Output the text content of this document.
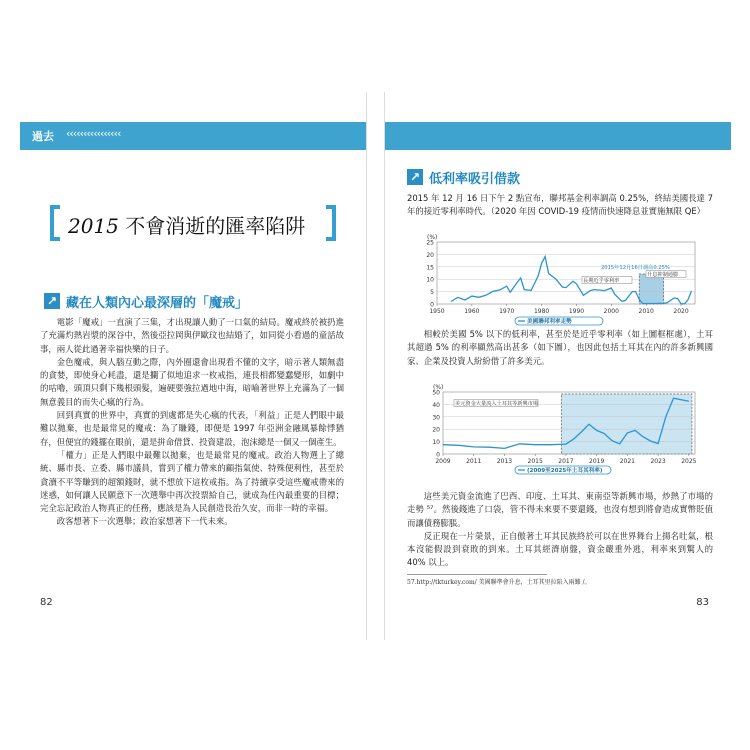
過去 ‹‹‹‹‹‹‹‹‹‹‹‹‹‹‹‹
2015 不會消逝的匯率陷阱
↗ 藏在人類內心最深層的「魔戒」

電影「魔戒」一直演了三集，才出現讓人動了一口氣的結局。魔戒終於被扔進了充滿灼熱岩漿的深谷中，然後亞拉岡與伊歐玟也結婚了，如同從小看過的童話故事，兩人從此過著幸福快樂的日子。

金色魔戒，與人腦互動之際，內外圈還會出現看不懂的文字，暗示著人類無盡的貪婪，即使身心耗盡，還是攔了似地追求一枚戒指，連長相都變蠢變形，如劇中的咕嚕，頭頂只剩下幾根頭髮，遍硬要強拉過地中海，暗喻著世界上充滿為了一個無意義目的而失心瘋的行為。

回到真實的世界中，真實的到處都是失心瘋的代表，「利益」正是人們眼中最難以拋棄，也是最常見的魔戒：為了賺錢，即便是 1997 年亞洲金融風暴餘悸猶存，但便宜的錢擺在眼前，還是拼命借貸、投資建設，泡沫總是一個又一個產生。

「權力」正是人們眼中最難以拋棄，也是最常見的魔戒。政治人物選上了總統、縣市長、立委、縣市議員，嘗到了權力帶來的顧指氣使、特殊便利性，甚至於貪瀆不平等賺到的超額錢財，就不想放下這枚戒指。為了持續享受這些魔戒帶來的迷惑，如何讓人民願意下一次選舉中再次投票給自己，就成為任內最重要的目標；完全忘記政治人物真正的任務，應該是為人民創造長治久安，而非一時的幸福。

政客想著下一次選舉；政治家想著下一代未來。

82
↗ 低利率吸引借款
2015 年 12 月 16 日下午 2 點宣布，聯邦基金利率調高 0.25%，終結美國長達 7 年的接近零利率時代。（2020 年因 COVID-19 疫情而快速降息並實施無限 QE）
0
5
10
15
20
25
1950	1960	1970	1980	1990	2000	2010	2020
(%)
美國聯邦利率走勢
2015年12月16日調高0.25%
長期近乎零利率
升息抑制通膨

相較於美國 5% 以下的低利率，甚至於是近乎零利率（如上圖框框處），土耳其超過 5% 的利率顯然高出甚多（如下圖），也因此包括土耳其在內的許多新興國家、企業及投資人紛紛借了許多美元。

0
10
20
30
40
50
2009	2011	2013	2015	2017	2019	2021	2023	2025
(%)
(2009至2025年土耳其利率)
美元資金大量流入土耳其等新興市場

這些美元資金流進了巴西、印度、土耳其、東南亞等新興市場，炒熱了市場的走勢 ⁵⁷。然後錢進了口袋，管不得未來要不要還錢，也沒有想到將會造成實幣貶值而讓債務膨脹。

反正現在一片榮景，正自傲著土耳其民族終於可以在世界舞台上揚名吐氣，根本沒能假設到衰敗的到來。土耳其經濟崩盤，資金嚴重外逃，利率來到驚人的 40% 以上。

57.http://tkturkey.com/ 美國聯準會升息，土耳其里拉陷入兩難 /。
83
